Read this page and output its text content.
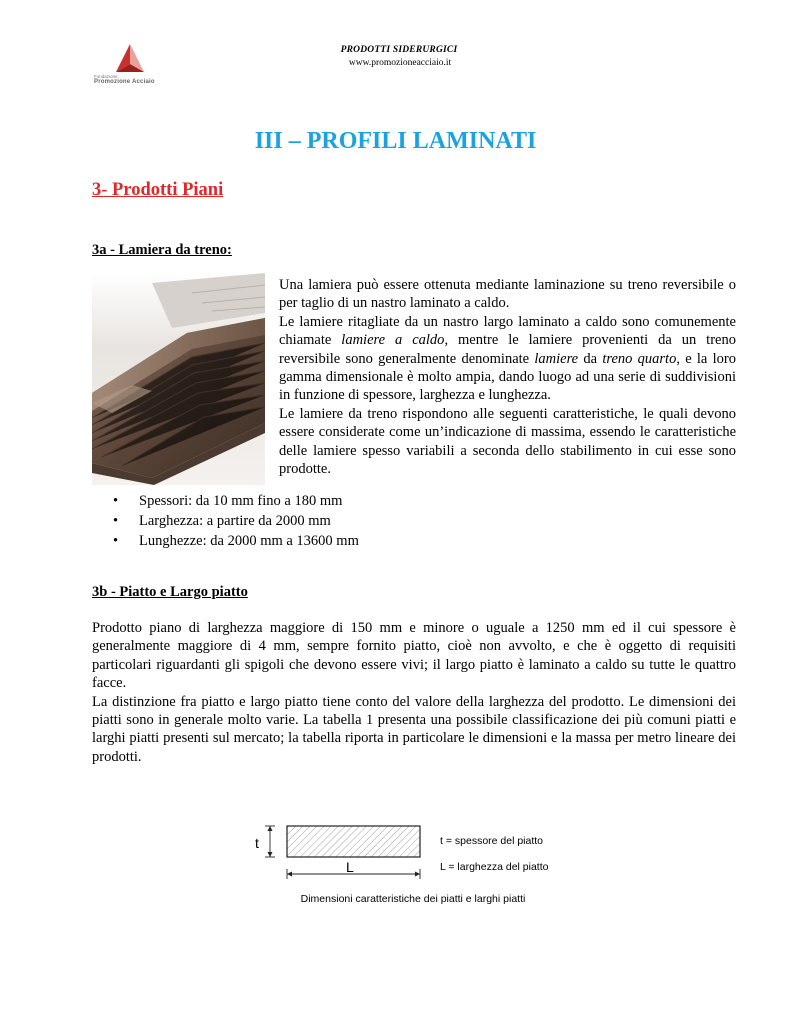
Fondazione
Promozione Acciaio
PRODOTTI SIDERURGICI
www.promozioneacciaio.it
III – PROFILI LAMINATI
3- Prodotti Piani
3a - Lamiera da treno:

Una lamiera può essere ottenuta mediante laminazione su treno reversibile o per taglio di un nastro laminato a caldo.

Le lamiere ritagliate da un nastro largo laminato a caldo sono comunemente chiamate lamiere a caldo, mentre le lamiere provenienti da un treno reversibile sono generalmente denominate lamiere da treno quarto, e la loro gamma dimensionale è molto ampia, dando luogo ad una serie di suddivisioni in funzione di spessore, larghezza e lunghezza.

Le lamiere da treno rispondono alle seguenti caratteristiche, le quali devono essere considerate come un’indicazione di massima, essendo le caratteristiche delle lamiere spesso variabili a seconda dello stabilimento in cui esse sono prodotte.

• Spessori: da 10 mm fino a 180 mm
• Larghezza: a partire da 2000 mm
• Lunghezze: da 2000 mm a 13600 mm
3b - Piatto e Largo piatto

Prodotto piano di larghezza maggiore di 150 mm e minore o uguale a 1250 mm ed il cui spessore è generalmente maggiore di 4 mm, sempre fornito piatto, cioè non avvolto, e che è oggetto di requisiti particolari riguardanti gli spigoli che devono essere vivi; il largo piatto è laminato a caldo su tutte le quattro facce.

La distinzione fra piatto e largo piatto tiene conto del valore della larghezza del prodotto. Le dimensioni dei piatti sono in generale molto varie. La tabella 1 presenta una possibile classificazione dei più comuni piatti e larghi piatti presenti sul mercato; la tabella riporta in particolare le dimensioni e la massa per metro lineare dei prodotti.

t
L
t = spessore del piatto
L = larghezza del piatto
Dimensioni caratteristiche dei piatti e larghi piatti
